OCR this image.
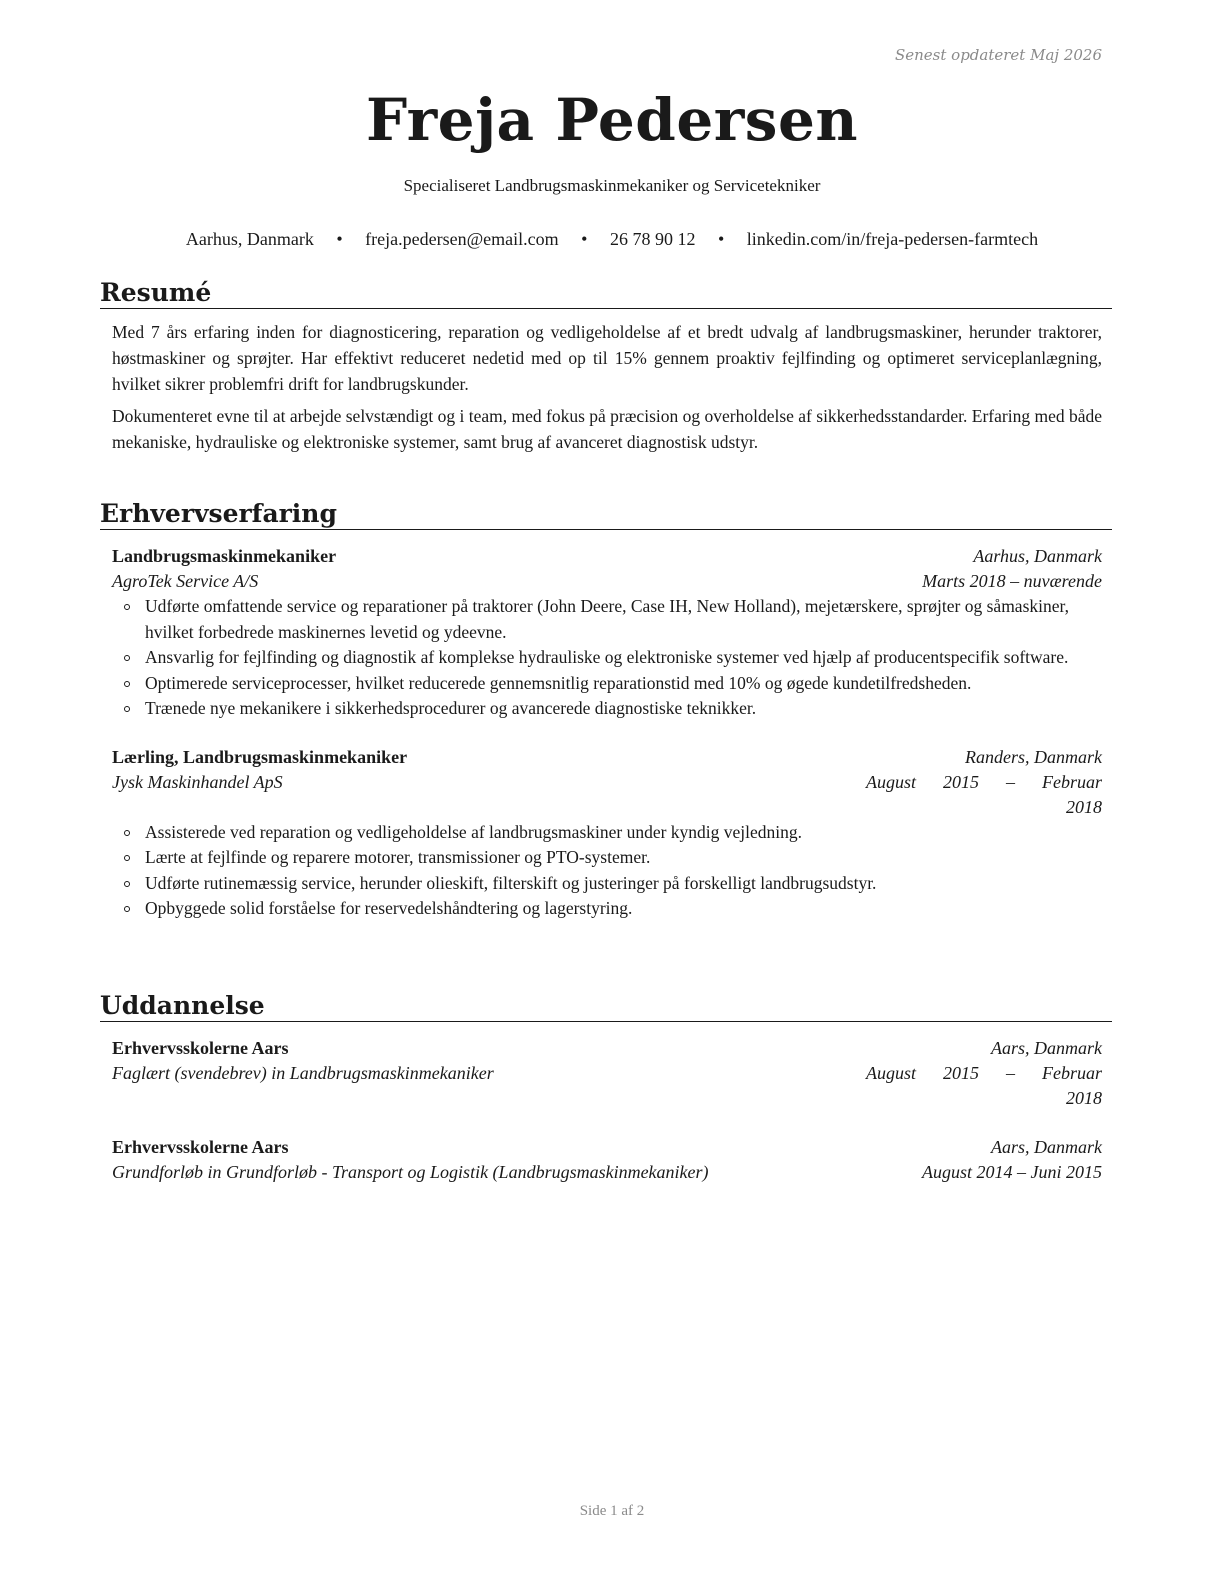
Senest opdateret Maj 2026
Freja Pedersen
Specialiseret Landbrugsmaskinmekaniker og Servicetekniker
Aarhus, Danmark • freja.pedersen@email.com • 26 78 90 12 • linkedin.com/in/freja-pedersen-farmtech
Resumé

Med 7 års erfaring inden for diagnosticering, reparation og vedligeholdelse af et bredt udvalg af landbrugsmaskiner, herunder traktorer, høstmaskiner og sprøjter. Har effektivt reduceret nedetid med op til 15% gennem proaktiv fejlfinding og optimeret serviceplanlægning, hvilket sikrer problemfri drift for landbrugskunder.

Dokumenteret evne til at arbejde selvstændigt og i team, med fokus på præcision og overholdelse af sikkerhedsstandarder. Erfaring med både mekaniske, hydrauliske og elektroniske systemer, samt brug af avanceret diagnostisk udstyr.

Erhvervserfaring
Landbrugsmaskinmekaniker	Aarhus, Danmark
AgroTek Service A/S	Marts 2018 – nuværende
Udførte omfattende service og reparationer på traktorer (John Deere, Case IH, New Holland), mejetærskere, sprøjter og såmaskiner, hvilket forbedrede maskinernes levetid og ydeevne.
Ansvarlig for fejlfinding og diagnostik af komplekse hydrauliske og elektroniske systemer ved hjælp af producentspecifik software.
Optimerede serviceprocesser, hvilket reducerede gennemsnitlig reparationstid med 10% og øgede kundetilfredsheden.
Trænede nye mekanikere i sikkerhedsprocedurer og avancerede diagnostiske teknikker.
Lærling, Landbrugsmaskinmekaniker	Randers, Danmark
Jysk Maskinhandel ApS	August 2015 – Februar
2018
Assisterede ved reparation og vedligeholdelse af landbrugsmaskiner under kyndig vejledning.
Lærte at fejlfinde og reparere motorer, transmissioner og PTO-systemer.
Udførte rutinemæssig service, herunder olieskift, filterskift og justeringer på forskelligt landbrugsudstyr.
Opbyggede solid forståelse for reservedelshåndtering og lagerstyring.
Uddannelse
Erhvervsskolerne Aars	Aars, Danmark
Faglært (svendebrev) in Landbrugsmaskinmekaniker	August 2015 – Februar
2018
Erhvervsskolerne Aars	Aars, Danmark
Grundforløb in Grundforløb - Transport og Logistik (Landbrugsmaskinmekaniker)	August 2014 – Juni 2015
Side 1 af 2
